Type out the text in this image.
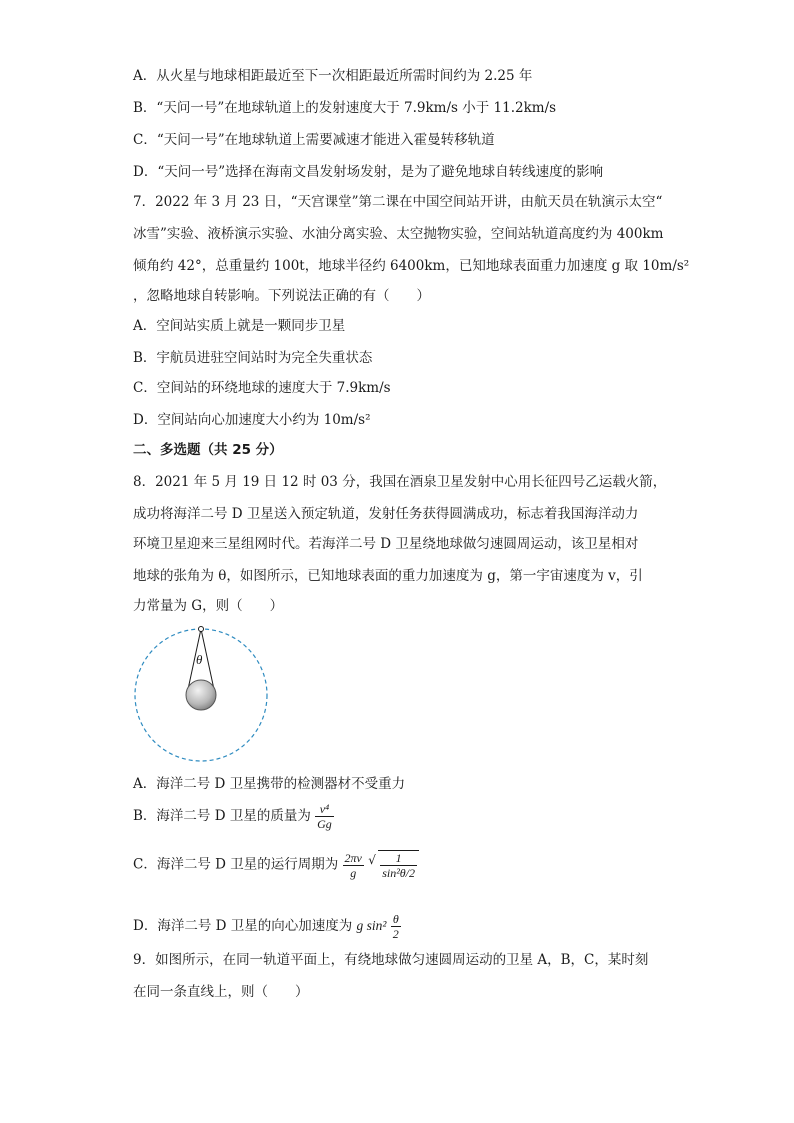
A．从火星与地球相距最近至下一次相距最近所需时间约为 2.25 年
B．“天问一号”在地球轨道上的发射速度大于 7.9km/s 小于 11.2km/s
C．“天问一号”在地球轨道上需要减速才能进入霍曼转移轨道
D．“天问一号”选择在海南文昌发射场发射，是为了避免地球自转线速度的影响
7．2022 年 3 月 23 日，“天宫课堂”第二课在中国空间站开讲，由航天员在轨演示太空“
冰雪”实验、液桥演示实验、水油分离实验、太空抛物实验，空间站轨道高度约为 400km
倾角约 42°，总重量约 100t，地球半径约 6400km，已知地球表面重力加速度 g 取 10m/s²
，忽略地球自转影响。下列说法正确的有（　　）
A．空间站实质上就是一颗同步卫星
B．宇航员进驻空间站时为完全失重状态
C．空间站的环绕地球的速度大于 7.9km/s
D．空间站向心加速度大小约为 10m/s²
二、多选题（共 25 分）
8．2021 年 5 月 19 日 12 时 03 分，我国在酒泉卫星发射中心用长征四号乙运载火箭，
成功将海洋二号 D 卫星送入预定轨道，发射任务获得圆满成功，标志着我国海洋动力
环境卫星迎来三星组网时代。若海洋二号 D 卫星绕地球做匀速圆周运动，该卫星相对
地球的张角为 θ，如图所示，已知地球表面的重力加速度为 g，第一宇宙速度为 v，引
力常量为 G，则（　　）
θ
A．海洋二号 D 卫星携带的检测器材不受重力
B．海洋二号 D 卫星的质量为 $\frac{\text{v⁴}}{Gg}$
C．海洋二号 D 卫星的运行周期为 $\frac{2\pi v}{g}$
√ $\frac{1}{\text{sin²θ/2}}$
D．海洋二号 D 卫星的向心加速度为 g $\sin^2 \frac{\theta}{2}$
9．如图所示，在同一轨道平面上，有绕地球做匀速圆周运动的卫星 A，B，C，某时刻
在同一条直线上，则（　　）
